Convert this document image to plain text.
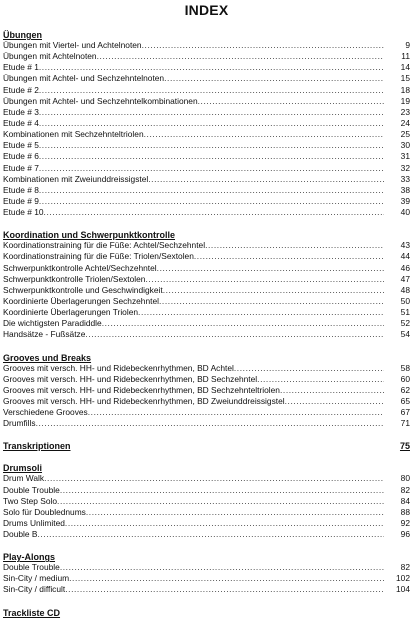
INDEX
Übungen
Übungen mit Viertel- und Achtelnoten .....	9
Übungen mit Achtelnoten .....	11
Etude # 1 .....	14
Übungen mit Achtel- und Sechzehntelnoten .....	15
Etude # 2 .....	18
Übungen mit Achtel- und Sechzehntelkombinationen .....	19
Etude # 3 .....	23
Etude # 4 .....	24
Kombinationen mit Sechzehnteltriolen .....	25
Etude # 5 .....	30
Etude # 6 .....	31
Etude # 7 .....	32
Kombinationen mit Zweiunddreissigstel .....	33
Etude # 8 .....	38
Etude # 9 .....	39
Etude # 10 .....	40
Koordination und Schwerpunktkontrolle
Koordinationstraining für die Füße: Achtel/Sechzehntel .....	43
Koordinationstraining für die Füße: Triolen/Sextolen .....	44
Schwerpunktkontrolle Achtel/Sechzehntel .....	46
Schwerpunktkontrolle Triolen/Sextolen .....	47
Schwerpunktkontrolle und Geschwindigkeit .....	48
Koordinierte Überlagerungen Sechzehntel .....	50
Koordinierte Überlagerungen Triolen .....	51
Die wichtigsten Paradiddle .....	52
Handsätze - Fußsätze .....	54
Grooves und Breaks
Grooves mit versch. HH- und Ridebeckenrhythmen, BD Achtel .....	58
Grooves mit versch. HH- und Ridebeckenrhythmen, BD Sechzehntel .....	60
Grooves mit versch. HH- und Ridebeckenrhythmen, BD Sechzehnteltriolen .....	62
Grooves mit versch. HH- und Ridebeckenrhythmen, BD Zweiunddreissigstel .....	65
Verschiedene Grooves .....	67
Drumfills .....	71
Transkriptionen	75
Drumsoli
Drum Walk .....	80
Double Trouble .....	82
Two Step Solo .....	84
Solo für Doublednums .....	88
Drums Unlimited .....	92
Double B .....	96
Play-Alongs
Double Trouble .....	82
Sin-City / medium .....	102
Sin-City / difficult .....	104
Trackliste CD
